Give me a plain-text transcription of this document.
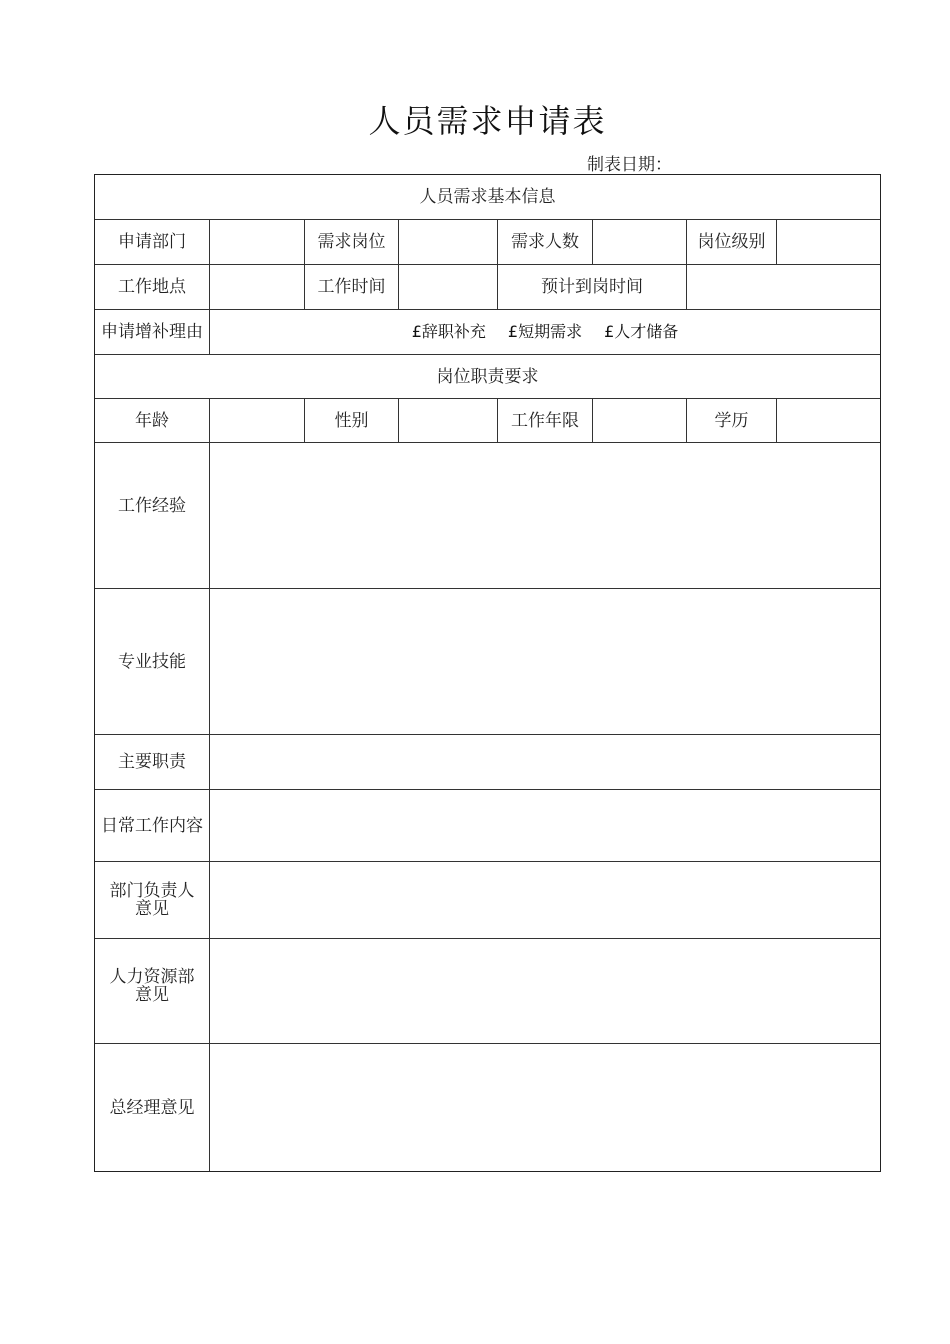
人员需求申请表
制表日期：
人员需求基本信息
申请部门	需求岗位	需求人数	岗位级别
工作地点	工作时间	预计到岗时间
申请增补理由	£辞职补充 £短期需求 £人才储备
岗位职责要求
年龄	性别	工作年限	学历
工作经验
专业技能
主要职责
日常工作内容
部门负责人
意见
人力资源部
意见
总经理意见
